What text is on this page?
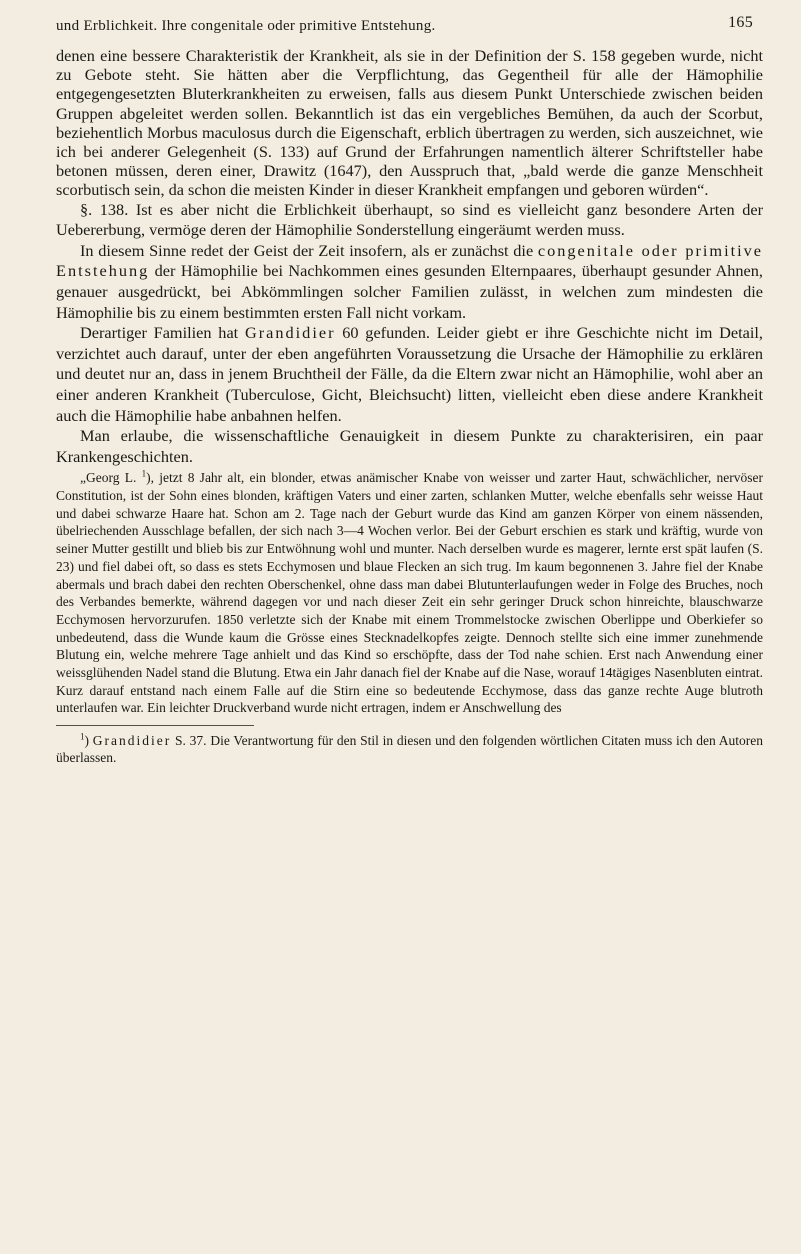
und Erblichkeit. Ihre congenitale oder primitive Entstehung.	165

denen eine bessere Charakteristik der Krankheit, als sie in der Definition der S. 158 gegeben wurde, nicht zu Gebote steht. Sie hätten aber die Verpflichtung, das Gegentheil für alle der Hämophilie entgegengesetzten Bluterkrankheiten zu erweisen, falls aus diesem Punkt Unterschiede zwischen beiden Gruppen abgeleitet werden sollen. Bekanntlich ist das ein vergebliches Bemühen, da auch der Scorbut, beziehentlich Morbus maculosus durch die Eigenschaft, erblich übertragen zu werden, sich auszeichnet, wie ich bei anderer Gelegenheit (S. 133) auf Grund der Erfahrungen namentlich älterer Schriftsteller habe betonen müssen, deren einer, Drawitz (1647), den Ausspruch that, „bald werde die ganze Menschheit scorbutisch sein, da schon die meisten Kinder in dieser Krankheit empfangen und geboren würden“.

§. 138. Ist es aber nicht die Erblichkeit überhaupt, so sind es vielleicht ganz besondere Arten der Uebererbung, vermöge deren der Hämophilie Sonderstellung eingeräumt werden muss.

In diesem Sinne redet der Geist der Zeit insofern, als er zunächst die congenitale oder primitive Entstehung der Hämophilie bei Nachkommen eines gesunden Elternpaares, überhaupt gesunder Ahnen, genauer ausgedrückt, bei Abkömmlingen solcher Familien zulässt, in welchen zum mindesten die Hämophilie bis zu einem bestimmten ersten Fall nicht vorkam.

Derartiger Familien hat Grandidier 60 gefunden. Leider giebt er ihre Geschichte nicht im Detail, verzichtet auch darauf, unter der eben angeführten Voraussetzung die Ursache der Hämophilie zu erklären und deutet nur an, dass in jenem Bruchtheil der Fälle, da die Eltern zwar nicht an Hämophilie, wohl aber an einer anderen Krankheit (Tuberculose, Gicht, Bleichsucht) litten, vielleicht eben diese andere Krankheit auch die Hämophilie habe anbahnen helfen.

Man erlaube, die wissenschaftliche Genauigkeit in diesem Punkte zu charakterisiren, ein paar Krankengeschichten.

„Georg L. $^1$), jetzt 8 Jahr alt, ein blonder, etwas anämischer Knabe von weisser und zarter Haut, schwächlicher, nervöser Constitution, ist der Sohn eines blonden, kräftigen Vaters und einer zarten, schlanken Mutter, welche ebenfalls sehr weisse Haut und dabei schwarze Haare hat. Schon am 2. Tage nach der Geburt wurde das Kind am ganzen Körper von einem nässenden, übelriechenden Ausschlage befallen, der sich nach 3—4 Wochen verlor. Bei der Geburt erschien es stark und kräftig, wurde von seiner Mutter gestillt und blieb bis zur Entwöhnung wohl und munter. Nach derselben wurde es magerer, lernte erst spät laufen (S. 23) und fiel dabei oft, so dass es stets Ecchymosen und blaue Flecken an sich trug. Im kaum begonnenen 3. Jahre fiel der Knabe abermals und brach dabei den rechten Oberschenkel, ohne dass man dabei Blutunterlaufungen weder in Folge des Bruches, noch des Verbandes bemerkte, während dagegen vor und nach dieser Zeit ein sehr geringer Druck schon hinreichte, blauschwarze Ecchymosen hervorzurufen. 1850 verletzte sich der Knabe mit einem Trommelstocke zwischen Oberlippe und Oberkiefer so unbedeutend, dass die Wunde kaum die Grösse eines Stecknadelkopfes zeigte. Dennoch stellte sich eine immer zunehmende Blutung ein, welche mehrere Tage anhielt und das Kind so erschöpfte, dass der Tod nahe schien. Erst nach Anwendung einer weissglühenden Nadel stand die Blutung. Etwa ein Jahr danach fiel der Knabe auf die Nase, worauf 14tägiges Nasenbluten eintrat. Kurz darauf entstand nach einem Falle auf die Stirn eine so bedeutende Ecchymose, dass das ganze rechte Auge blutroth unterlaufen war. Ein leichter Druckverband wurde nicht ertragen, indem er Anschwellung des

$^1$) Grandidier S. 37. Die Verantwortung für den Stil in diesen und den folgenden wörtlichen Citaten muss ich den Autoren überlassen.
